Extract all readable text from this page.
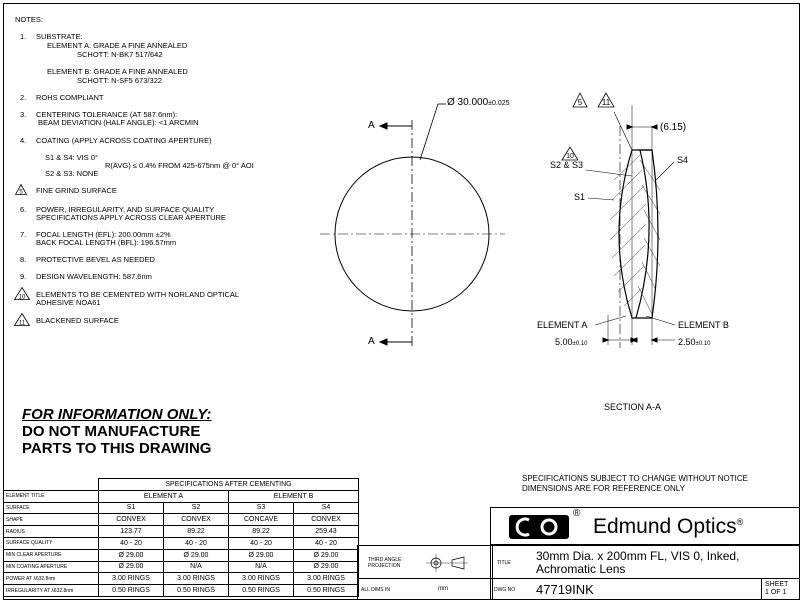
NOTES:
1. SUBSTRATE:
ELEMENT A: GRADE A FINE ANNEALED
SCHOTT: N-BK7 517/642
ELEMENT B: GRADE A FINE ANNEALED
SCHOTT: N-SF5 673/322
2. ROHS COMPLIANT
3. CENTERING TOLERANCE (AT 587.6nm):
BEAM DEVIATION (HALF ANGLE): <1 ARCMIN
4. COATING (APPLY ACROSS COATING APERTURE)
S1 & S4: VIS 0°
R(AVG) ≤ 0.4% FROM 425-675nm @ 0° AOI
S2 & S3: NONE
5 FINE GRIND SURFACE
6. POWER, IRREGULARITY, AND SURFACE QUALITY
SPECIFICATIONS APPLY ACROSS CLEAR APERTURE
7. FOCAL LENGTH (EFL): 200.00mm ±2%
BACK FOCAL LENGTH (BFL): 196.57mm
8. PROTECTIVE BEVEL AS NEEDED
9. DESIGN WAVELENGTH: 587.6nm
10 ELEMENTS TO BE CEMENTED WITH NORLAND OPTICAL
ADHESIVE NOA61
11 BLACKENED SURFACE
5 11
10
Ø 30.000±0.025
A
A
(6.15)
S2 & S3	S4
S1
ELEMENT A	ELEMENT B
5.00±0.10	2.50±0.10
SECTION A-A
FOR INFORMATION ONLY:
DO NOT MANUFACTURE
PARTS TO THIS DRAWING
SPECIFICATIONS SUBJECT TO CHANGE WITHOUT NOTICE
DIMENSIONS ARE FOR REFERENCE ONLY
	SPECIFICATIONS AFTER CEMENTING			
ELEMENT TITLE	ELEMENT A		ELEMENT B	
SURFACE	S1	S2	S3	S4
SHAPE	CONVEX	CONVEX	CONCAVE	CONVEX
RADIUS	123.77	89.22	89.22	259.43
SURFACE QUALITY	40 - 20	40 - 20	40 - 20	40 - 20
MIN CLEAR APERTURE	Ø 29.00	Ø 29.00	Ø 29.00	Ø 29.00
MIN COATING APERTURE	Ø 29.00	N/A	N/A	Ø 29.00
POWER AT λ632.8nm	3.00 RINGS	3.00 RINGS	3.00 RINGS	3.00 RINGS
IRREGULARITY AT λ632.8nm	0.50 RINGS	0.50 RINGS	0.50 RINGS	0.50 RINGS
®
Edmund Optics®
THIRD ANGLE PROJECTION	TITLE 30mm Dia. x 200mm FL, VIS 0, Inked,
Achromatic Lens
ALL DIMS IN	mm	DWG NO 47719INK	SHEET
1 OF 1
